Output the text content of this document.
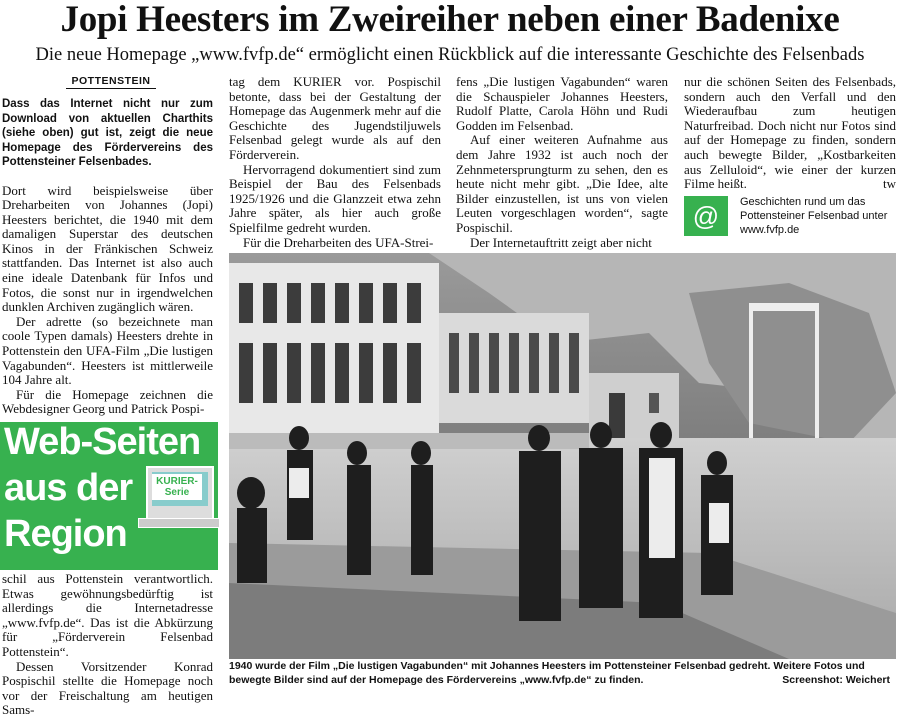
Jopi Heesters im Zweireiher neben einer Badenixe
Die neue Homepage „www.fvfp.de“ ermöglicht einen Rückblick auf die interessante Geschichte des Felsenbads
POTTENSTEIN

Dass das Internet nicht nur zum Download von aktuellen Charthits (siehe oben) gut ist, zeigt die neue Homepage des Fördervereins des Pottensteiner Felsenbades.

Dort wird beispielsweise über Dreharbeiten von Johannes (Jopi) Heesters berichtet, die 1940 mit dem damaligen Superstar des deutschen Kinos in der Fränkischen Schweiz stattfanden. Das Internet ist also auch eine ideale Datenbank für Infos und Fotos, die sonst nur in irgendwelchen dunklen Archiven zugänglich wären.

Der adrette (so bezeichnete man coole Typen damals) Heesters drehte in Pottenstein den UFA-Film „Die lustigen Vagabunden“. Heesters ist mittlerweile 104 Jahre alt.

Für die Homepage zeichnen die Webdesigner Georg und Patrick Pospi-

Web-Seiten
aus der
Region
KURIER-
Serie

schil aus Pottenstein verantwortlich. Etwas gewöhnungsbedürftig ist allerdings die Internetadresse „www.fvfp.de“. Das ist die Abkürzung für „Förderverein Felsenbad Pottenstein“.

Dessen Vorsitzender Konrad Pospischil stellte die Homepage noch vor der Freischaltung am heutigen Sams-

tag dem KURIER vor. Pospischil betonte, dass bei der Gestaltung der Homepage das Augenmerk mehr auf die Geschichte des Jugendstiljuwels Felsenbad gelegt wurde als auf den Förderverein.

Hervorragend dokumentiert sind zum Beispiel der Bau des Felsenbads 1925/1926 und die Glanzzeit etwa zehn Jahre später, als hier auch große Spielfilme gedreht wurden.

Für die Dreharbeiten des UFA-Strei-

fens „Die lustigen Vagabunden“ waren die Schauspieler Johannes Heesters, Rudolf Platte, Carola Höhn und Rudi Godden im Felsenbad.

Auf einer weiteren Aufnahme aus dem Jahre 1932 ist auch noch der Zehnmetersprungturm zu sehen, den es heute nicht mehr gibt. „Die Idee, alte Bilder einzustellen, ist uns von vielen Leuten vorgeschlagen worden“, sagte Pospischil.

Der Internetauftritt zeigt aber nicht

nur die schönen Seiten des Felsenbads, sondern auch den Verfall und den Wiederaufbau zum heutigen Naturfreibad. Doch nicht nur Fotos sind auf der Homepage zu finden, sondern auch bewegte Bilder, „Kostbarkeiten aus Zelluloid“, wie einer der kurzen Filme heißt.	tw

@	Geschichten rund um das Pottensteiner Felsenbad unter www.fvfp.de
1940 wurde der Film „Die lustigen Vagabunden“ mit Johannes Heesters im Pottensteiner Felsenbad gedreht. Weitere Fotos und bewegte Bilder sind auf der Homepage des Fördervereins „www.fvfp.de“ zu finden.	Screenshot: Weichert
